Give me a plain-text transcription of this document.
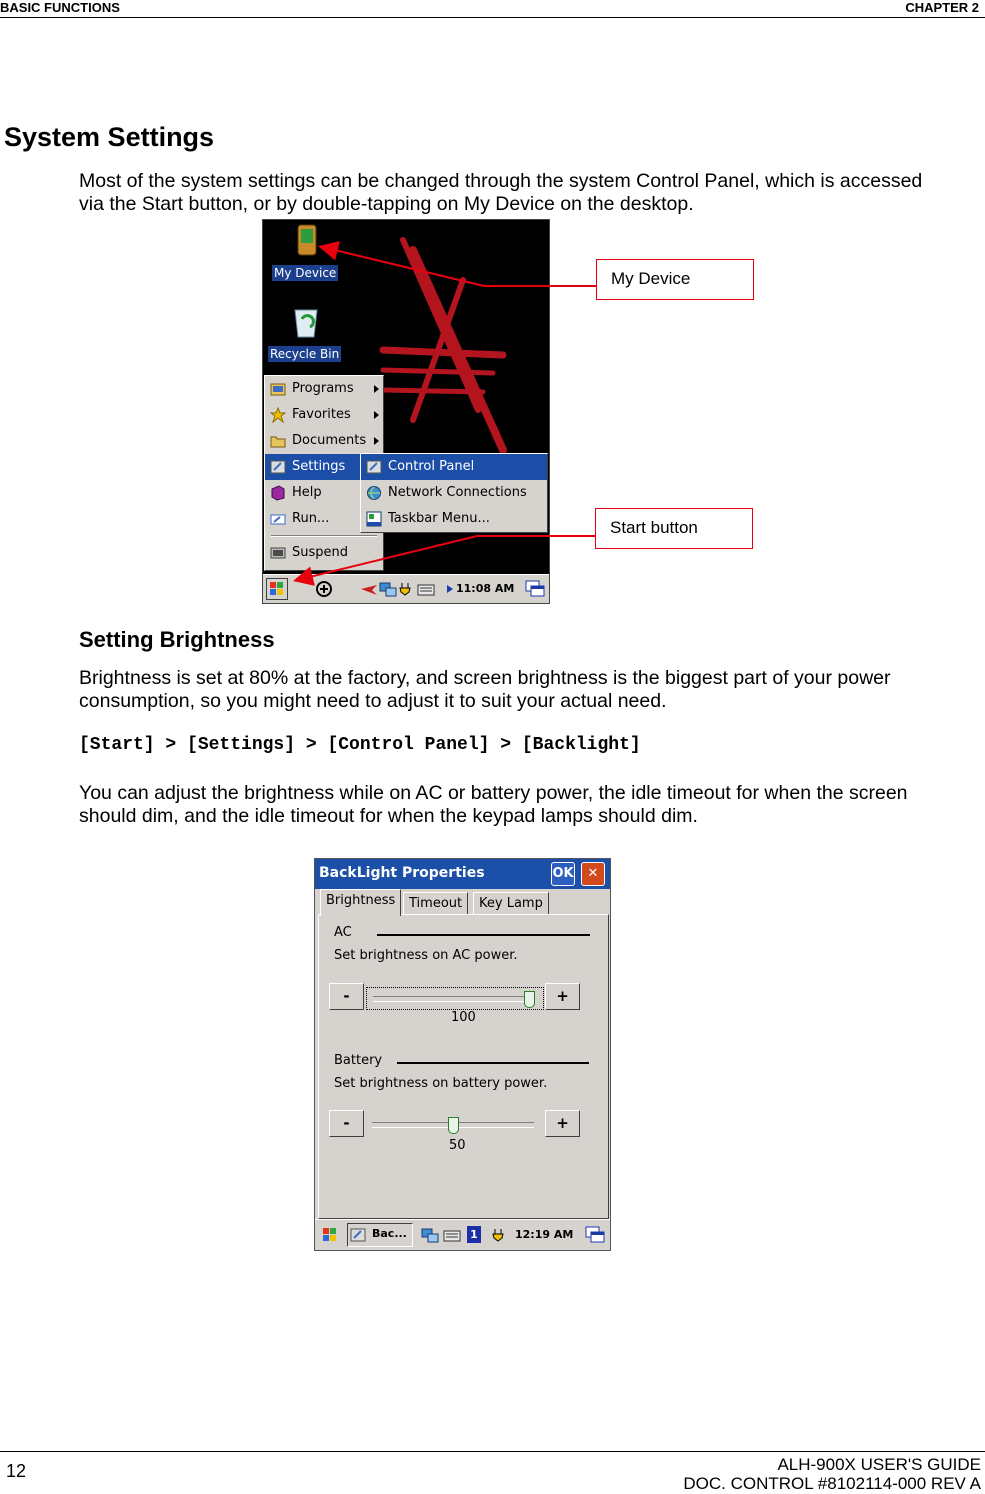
BASIC FUNCTIONS	CHAPTER 2
System Settings
Most of the system settings can be changed through the system Control Panel, which is accessed
via the Start button, or by double-tapping on My Device on the desktop.
My Device
Recycle Bin
Programs
Favorites
Documents
Settings
Help
Run...
Suspend
Control Panel
Network Connections
Taskbar Menu...
11:08 AM
My Device
Start button
Setting Brightness
Brightness is set at 80% at the factory, and screen brightness is the biggest part of your power
consumption, so you might need to adjust it to suit your actual need.
[Start] > [Settings] > [Control Panel] > [Backlight]
You can adjust the brightness while on AC or battery power, the idle timeout for when the screen
should dim, and the idle timeout for when the keypad lamps should dim.
BackLight Properties	OK	✕
Brightness	Timeout	Key Lamp
AC
Set brightness on AC power.
-	+
100
Battery
Set brightness on battery power.
-	+
50
Bac...	1	12:19 AM
12	ALH-900X USER'S GUIDE
DOC. CONTROL #8102114-000 REV A
